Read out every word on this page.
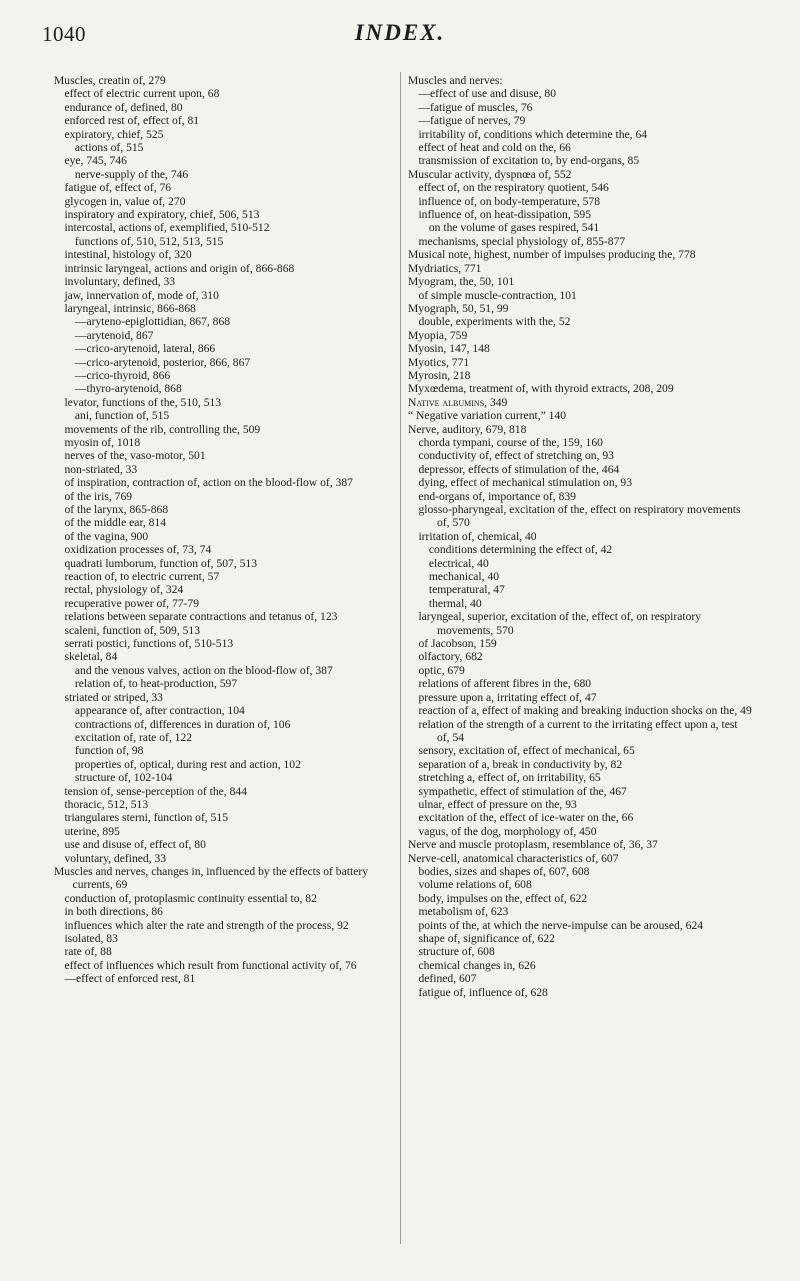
1040	INDEX.
Muscles, creatin of, 279
effect of electric current upon, 68
endurance of, defined, 80
enforced rest of, effect of, 81
expiratory, chief, 525
actions of, 515
eye, 745, 746
nerve-supply of the, 746
fatigue of, effect of, 76
glycogen in, value of, 270
inspiratory and expiratory, chief, 506, 513
intercostal, actions of, exemplified, 510-512
functions of, 510, 512, 513, 515
intestinal, histology of, 320
intrinsic laryngeal, actions and origin of, 866-868
involuntary, defined, 33
jaw, innervation of, mode of, 310
laryngeal, intrinsic, 866-868
—aryteno-epiglottidian, 867, 868
—arytenoid, 867
—crico-arytenoid, lateral, 866
—crico-arytenoid, posterior, 866, 867
—crico-thyroid, 866
—thyro-arytenoid, 868
levator, functions of the, 510, 513
ani, function of, 515
movements of the rib, controlling the, 509
myosin of, 1018
nerves of the, vaso-motor, 501
non-striated, 33
of inspiration, contraction of, action on the blood-flow of, 387
of the iris, 769
of the larynx, 865-868
of the middle ear, 814
of the vagina, 900
oxidization processes of, 73, 74
quadrati lumborum, function of, 507, 513
reaction of, to electric current, 57
rectal, physiology of, 324
recuperative power of, 77-79
relations between separate contractions and tetanus of, 123
scaleni, function of, 509, 513
serrati postici, functions of, 510-513
skeletal, 84
and the venous valves, action on the blood-flow of, 387
relation of, to heat-production, 597
striated or striped, 33
appearance of, after contraction, 104
contractions of, differences in duration of, 106
excitation of, rate of, 122
function of, 98
properties of, optical, during rest and action, 102
structure of, 102-104
tension of, sense-perception of the, 844
thoracic, 512, 513
triangulares sterni, function of, 515
uterine, 895
use and disuse of, effect of, 80
voluntary, defined, 33
Muscles and nerves, changes in, influenced by the effects of battery currents, 69
conduction of, protoplasmic continuity essential to, 82
in both directions, 86
influences which alter the rate and strength of the process, 92
isolated, 83
rate of, 88
effect of influences which result from functional activity of, 76
—effect of enforced rest, 81
Muscles and nerves:
—effect of use and disuse, 80
—fatigue of muscles, 76
—fatigue of nerves, 79
irritability of, conditions which determine the, 64
effect of heat and cold on the, 66
transmission of excitation to, by end-organs, 85
Muscular activity, dyspnœa of, 552
effect of, on the respiratory quotient, 546
influence of, on body-temperature, 578
influence of, on heat-dissipation, 595
on the volume of gases respired, 541
mechanisms, special physiology of, 855-877
Musical note, highest, number of impulses producing the, 778
Mydriatics, 771
Myogram, the, 50, 101
of simple muscle-contraction, 101
Myograph, 50, 51, 99
double, experiments with the, 52
Myopia, 759
Myosin, 147, 148
Myotics, 771
Myrosin, 218
Myxœdema, treatment of, with thyroid extracts, 208, 209
Native albumins, 349
“ Negative variation current,” 140
Nerve, auditory, 679, 818
chorda tympani, course of the, 159, 160
conductivity of, effect of stretching on, 93
depressor, effects of stimulation of the, 464
dying, effect of mechanical stimulation on, 93
end-organs of, importance of, 839
glosso-pharyngeal, excitation of the, effect on respiratory movements of, 570
irritation of, chemical, 40
conditions determining the effect of, 42
electrical, 40
mechanical, 40
temperatural, 47
thermal, 40
laryngeal, superior, excitation of the, effect of, on respiratory movements, 570
of Jacobson, 159
olfactory, 682
optic, 679
relations of afferent fibres in the, 680
pressure upon a, irritating effect of, 47
reaction of a, effect of making and breaking induction shocks on the, 49
relation of the strength of a current to the irritating effect upon a, test of, 54
sensory, excitation of, effect of mechanical, 65
separation of a, break in conductivity by, 82
stretching a, effect of, on irritability, 65
sympathetic, effect of stimulation of the, 467
ulnar, effect of pressure on the, 93
excitation of the, effect of ice-water on the, 66
vagus, of the dog, morphology of, 450
Nerve and muscle protoplasm, resemblance of, 36, 37
Nerve-cell, anatomical characteristics of, 607
bodies, sizes and shapes of, 607, 608
volume relations of, 608
body, impulses on the, effect of, 622
metabolism of, 623
points of the, at which the nerve-impulse can be aroused, 624
shape of, significance of, 622
structure of, 608
chemical changes in, 626
defined, 607
fatigue of, influence of, 628
